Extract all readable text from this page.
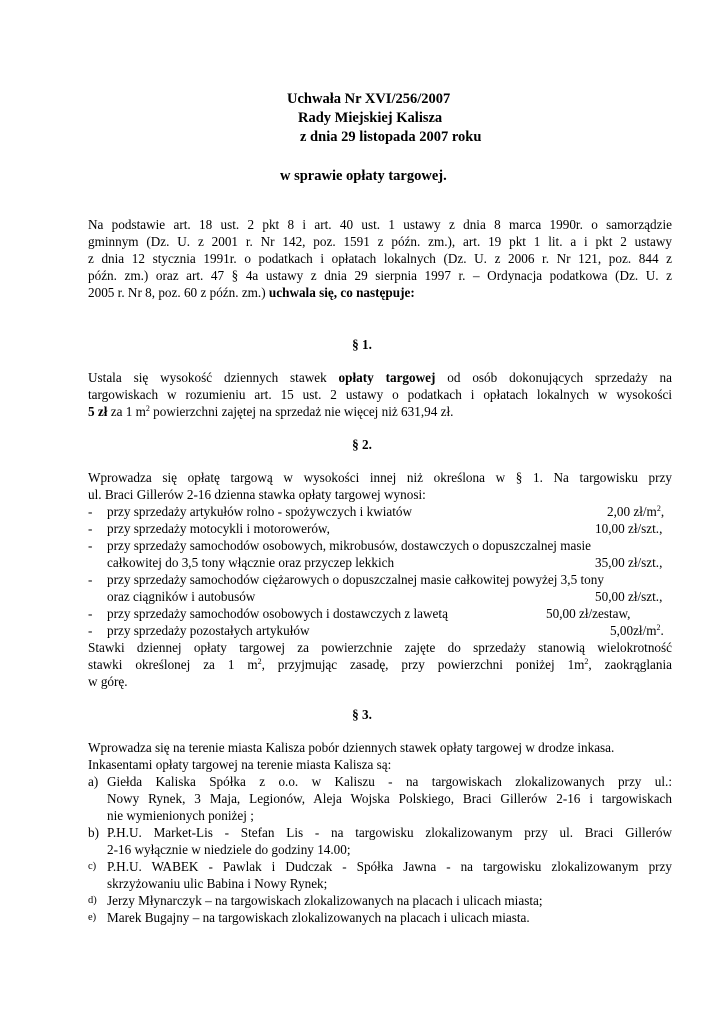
Uchwała Nr XVI/256/2007
Rady Miejskiej Kalisza
z dnia 29 listopada 2007 roku
w sprawie opłaty targowej.
Na podstawie art. 18 ust. 2 pkt 8 i art. 40 ust. 1 ustawy z dnia 8 marca 1990r. o samorządzie
gminnym (Dz. U. z 2001 r. Nr 142, poz. 1591 z późn. zm.), art. 19 pkt 1 lit. a i pkt 2 ustawy
z dnia 12 stycznia 1991r. o podatkach i opłatach lokalnych (Dz. U. z 2006 r. Nr 121, poz. 844 z
późn. zm.) oraz art. 47 § 4a ustawy z dnia 29 sierpnia 1997 r. – Ordynacja podatkowa (Dz. U. z
2005 r. Nr 8, poz. 60 z późn. zm.) uchwala się, co następuje:
§ 1.
Ustala się wysokość dziennych stawek opłaty targowej od osób dokonujących sprzedaży na
targowiskach w rozumieniu art. 15 ust. 2 ustawy o podatkach i opłatach lokalnych w wysokości
5 zł za 1 $m^2$ powierzchni zajętej na sprzedaż nie więcej niż 631,94 zł.
§ 2.
Wprowadza się opłatę targową w wysokości innej niż określona w § 1. Na targowisku przy
ul. Braci Gillerów 2-16 dzienna stawka opłaty targowej wynosi:
- przy sprzedaży artykułów rolno - spożywczych i kwiatów	2,00 $zł/m^2$,
- przy sprzedaży motocykli i motorowerów,	10,00 zł/szt.,
- przy sprzedaży samochodów osobowych, mikrobusów, dostawczych o dopuszczalnej masie
całkowitej do 3,5 tony włącznie oraz przyczep lekkich	35,00 zł/szt.,
- przy sprzedaży samochodów ciężarowych o dopuszczalnej masie całkowitej powyżej 3,5 tony
oraz ciągników i autobusów	50,00 zł/szt.,
- przy sprzedaży samochodów osobowych i dostawczych z lawetą	50,00 zł/zestaw,
- przy sprzedaży pozostałych artykułów	$5,00zł/m^2$.
Stawki dziennej opłaty targowej za powierzchnie zajęte do sprzedaży stanowią wielokrotność
stawki określonej za 1 $m^2$, przyjmując zasadę, przy powierzchni poniżej $1m^2$, zaokrąglania
w górę.
§ 3.
Wprowadza się na terenie miasta Kalisza pobór dziennych stawek opłaty targowej w drodze inkasa.
Inkasentami opłaty targowej na terenie miasta Kalisza są:
a) Giełda Kaliska Spółka z o.o. w Kaliszu - na targowiskach zlokalizowanych przy ul.:
Nowy Rynek, 3 Maja, Legionów, Aleja Wojska Polskiego, Braci Gillerów 2-16 i targowiskach
nie wymienionych poniżej ;
b) P.H.U. Market-Lis - Stefan Lis - na targowisku zlokalizowanym przy ul. Braci Gillerów
2-16 wyłącznie w niedziele do godziny 14.00;
c) P.H.U. WABEK - Pawlak i Dudczak - Spółka Jawna - na targowisku zlokalizowanym przy
skrzyżowaniu ulic Babina i Nowy Rynek;
d) Jerzy Młynarczyk – na targowiskach zlokalizowanych na placach i ulicach miasta;
e) Marek Bugajny – na targowiskach zlokalizowanych na placach i ulicach miasta.
